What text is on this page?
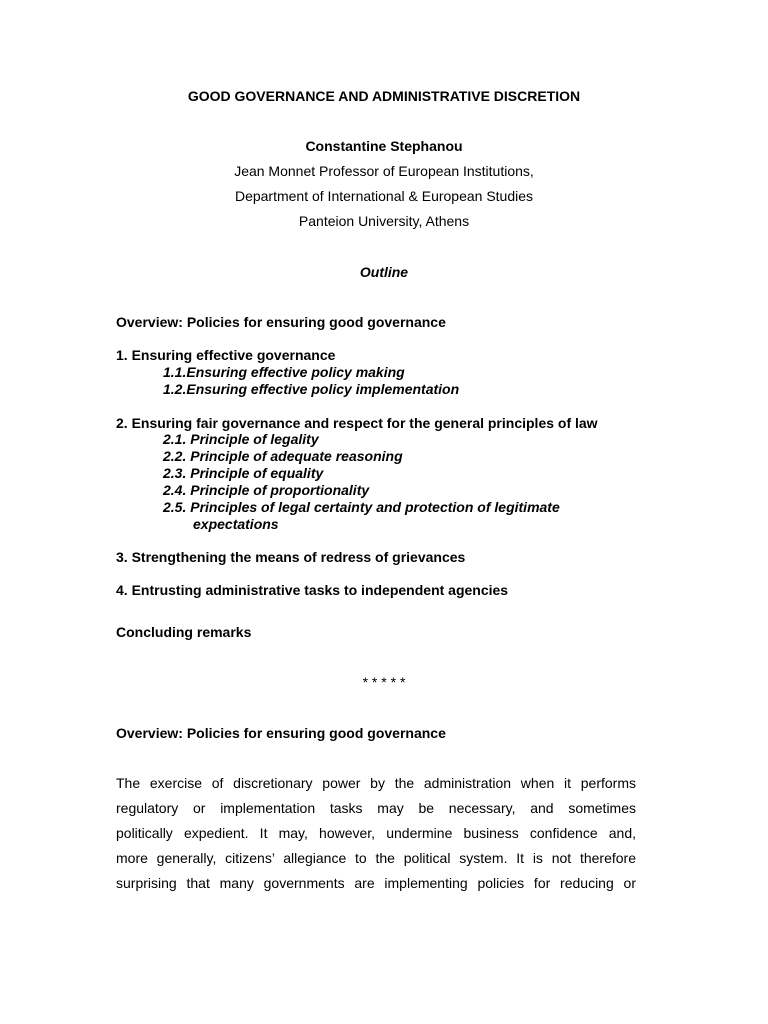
GOOD GOVERNANCE AND ADMINISTRATIVE DISCRETION

Constantine Stephanou

Jean Monnet Professor of European Institutions,

Department of International & European Studies

Panteion University, Athens

Outline

Overview: Policies for ensuring good governance

1. Ensuring effective governance

1.1.Ensuring effective policy making

1.2.Ensuring effective policy implementation

2. Ensuring fair governance and respect for the general principles of law

2.1. Principle of legality

2.2. Principle of adequate reasoning

2.3. Principle of equality

2.4. Principle of proportionality

2.5. Principles of legal certainty and protection of legitimate

expectations

3. Strengthening the means of redress of grievances

4. Entrusting administrative tasks to independent agencies

Concluding remarks

* * * * *

Overview: Policies for ensuring good governance

The exercise of discretionary power by the administration when it performs
regulatory or implementation tasks may be necessary, and sometimes
politically expedient. It may, however, undermine business confidence and,
more generally, citizens’ allegiance to the political system. It is not therefore
surprising that many governments are implementing policies for reducing or
